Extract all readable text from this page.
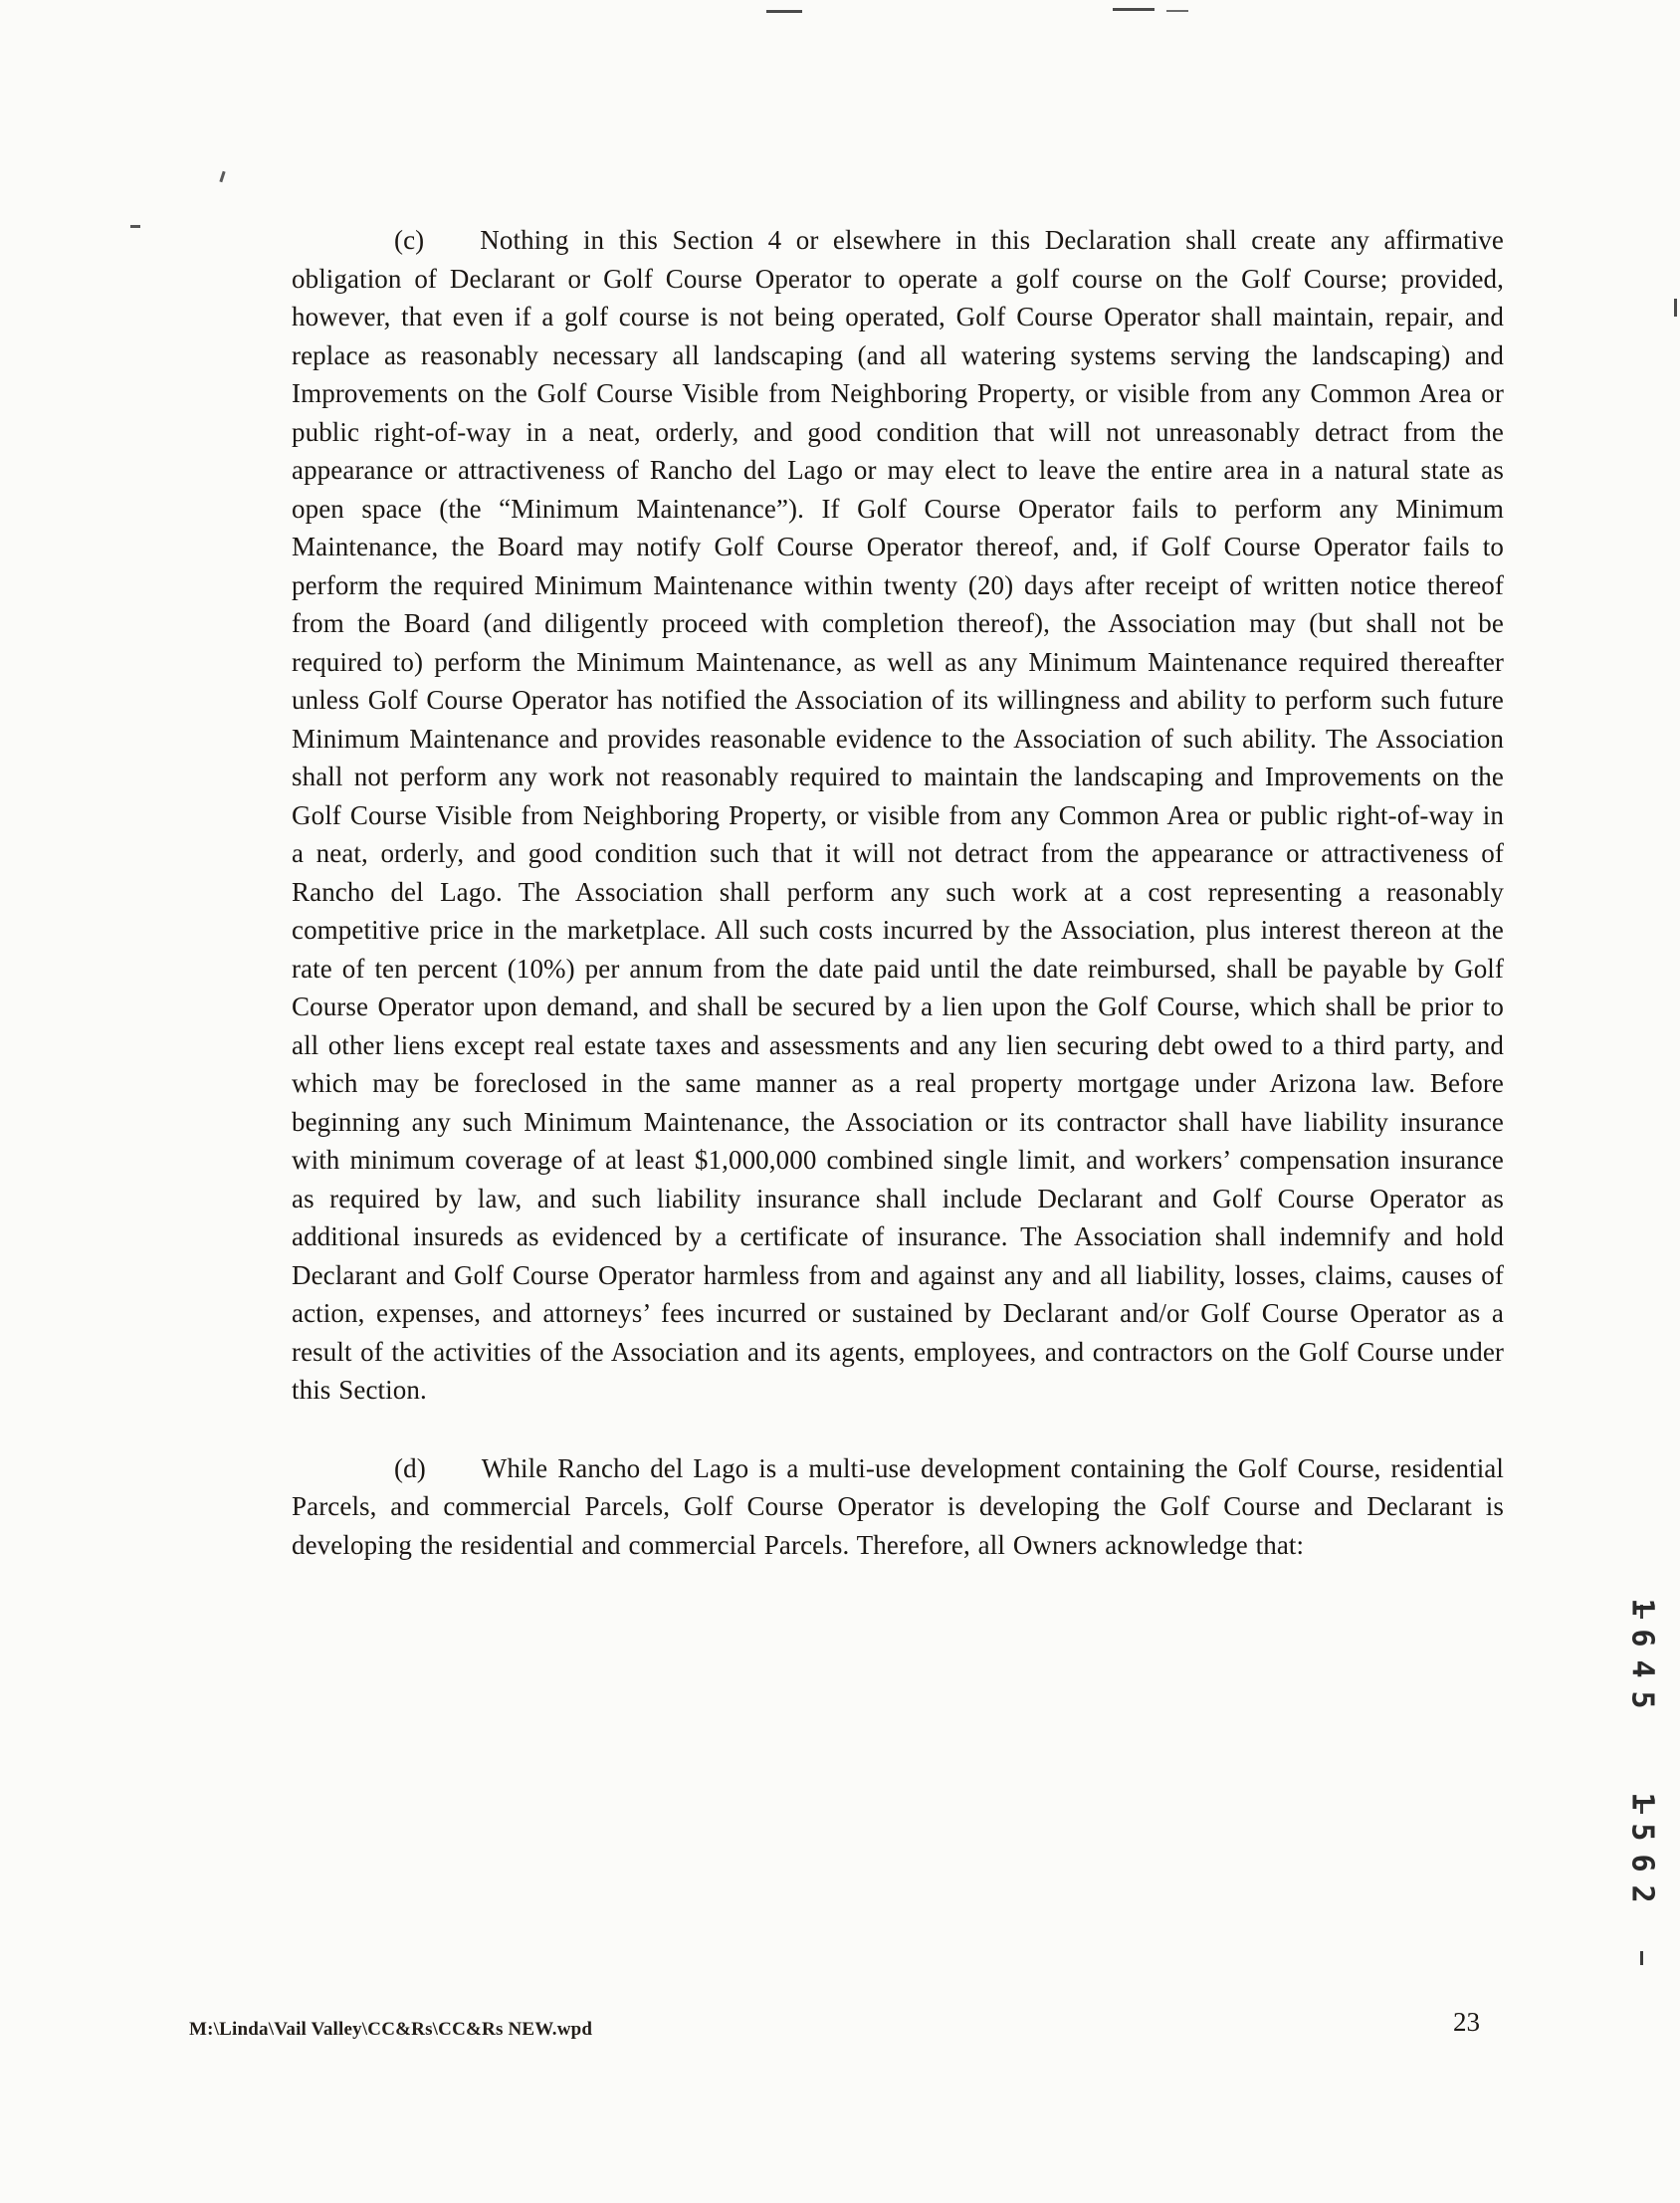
(c) Nothing in this Section 4 or elsewhere in this Declaration shall create any affirmative obligation of Declarant or Golf Course Operator to operate a golf course on the Golf Course; provided, however, that even if a golf course is not being operated, Golf Course Operator shall maintain, repair, and replace as reasonably necessary all landscaping (and all watering systems serving the landscaping) and Improvements on the Golf Course Visible from Neighboring Property, or visible from any Common Area or public right-of-way in a neat, orderly, and good condition that will not unreasonably detract from the appearance or attractiveness of Rancho del Lago or may elect to leave the entire area in a natural state as open space (the “Minimum Maintenance”). If Golf Course Operator fails to perform any Minimum Maintenance, the Board may notify Golf Course Operator thereof, and, if Golf Course Operator fails to perform the required Minimum Maintenance within twenty (20) days after receipt of written notice thereof from the Board (and diligently proceed with completion thereof), the Association may (but shall not be required to) perform the Minimum Maintenance, as well as any Minimum Maintenance required thereafter unless Golf Course Operator has notified the Association of its willingness and ability to perform such future Minimum Maintenance and provides reasonable evidence to the Association of such ability. The Association shall not perform any work not reasonably required to maintain the landscaping and Improvements on the Golf Course Visible from Neighboring Property, or visible from any Common Area or public right-of-way in a neat, orderly, and good condition such that it will not detract from the appearance or attractiveness of Rancho del Lago. The Association shall perform any such work at a cost representing a reasonably competitive price in the marketplace. All such costs incurred by the Association, plus interest thereon at the rate of ten percent (10%) per annum from the date paid until the date reimbursed, shall be payable by Golf Course Operator upon demand, and shall be secured by a lien upon the Golf Course, which shall be prior to all other liens except real estate taxes and assessments and any lien securing debt owed to a third party, and which may be foreclosed in the same manner as a real property mortgage under Arizona law. Before beginning any such Minimum Maintenance, the Association or its contractor shall have liability insurance with minimum coverage of at least $1,000,000 combined single limit, and workers’ compensation insurance as required by law, and such liability insurance shall include Declarant and Golf Course Operator as additional insureds as evidenced by a certificate of insurance. The Association shall indemnify and hold Declarant and Golf Course Operator harmless from and against any and all liability, losses, claims, causes of action, expenses, and attorneys’ fees incurred or sustained by Declarant and/or Golf Course Operator as a result of the activities of the Association and its agents, employees, and contractors on the Golf Course under this Section.

(d) While Rancho del Lago is a multi-use development containing the Golf Course, residential Parcels, and commercial Parcels, Golf Course Operator is developing the Golf Course and Declarant is developing the residential and commercial Parcels. Therefore, all Owners acknowledge that:

1645
1562
M:\Linda\Vail Valley\CC&Rs\CC&Rs NEW.wpd	23
